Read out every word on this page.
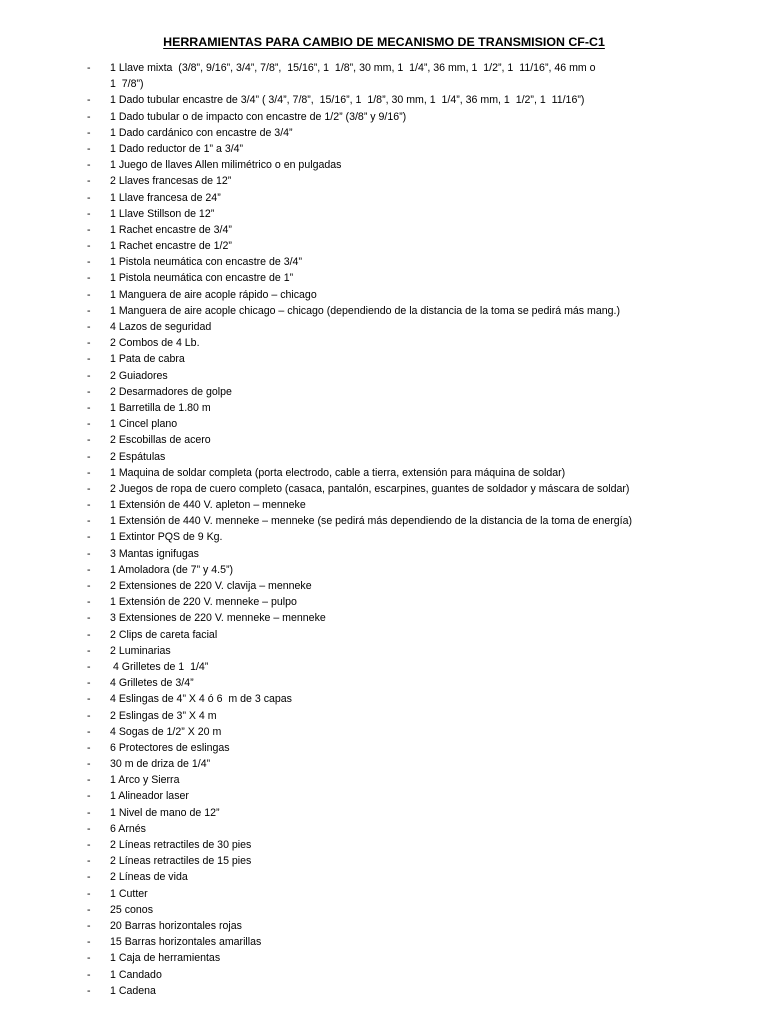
HERRAMIENTAS PARA CAMBIO DE MECANISMO DE TRANSMISION CF-C1
-	1 Llave mixta  (3/8”, 9/16”, 3/4”, 7/8”,  15/16”, 1  1/8”, 30 mm, 1  1/4”, 36 mm, 1  1/2”, 1  11/16”, 46 mm o
1  7/8”)
-	1 Dado tubular encastre de 3/4” ( 3/4”, 7/8”,  15/16”, 1  1/8”, 30 mm, 1  1/4”, 36 mm, 1  1/2”, 1  11/16”)
-	1 Dado tubular o de impacto con encastre de 1/2” (3/8” y 9/16”)
-	1 Dado cardánico con encastre de 3/4”
-	1 Dado reductor de 1” a 3/4”
-	1 Juego de llaves Allen milimétrico o en pulgadas
-	2 Llaves francesas de 12”
-	1 Llave francesa de 24”
-	1 Llave Stillson de 12”
-	1 Rachet encastre de 3/4”
-	1 Rachet encastre de 1/2”
-	1 Pistola neumática con encastre de 3/4”
-	1 Pistola neumática con encastre de 1”
-	1 Manguera de aire acople rápido – chicago
-	1 Manguera de aire acople chicago – chicago (dependiendo de la distancia de la toma se pedirá más mang.)
-	4 Lazos de seguridad
-	2 Combos de 4 Lb.
-	1 Pata de cabra
-	2 Guiadores
-	2 Desarmadores de golpe
-	1 Barretilla de 1.80 m
-	1 Cincel plano
-	2 Escobillas de acero
-	2 Espátulas
-	1 Maquina de soldar completa (porta electrodo, cable a tierra, extensión para máquina de soldar)
-	2 Juegos de ropa de cuero completo (casaca, pantalón, escarpines, guantes de soldador y máscara de soldar)
-	1 Extensión de 440 V. apleton – menneke
-	1 Extensión de 440 V. menneke – menneke (se pedirá más dependiendo de la distancia de la toma de energía)
-	1 Extintor PQS de 9 Kg.
-	3 Mantas ignifugas
-	1 Amoladora (de 7” y 4.5”)
-	2 Extensiones de 220 V. clavija – menneke
-	1 Extensión de 220 V. menneke – pulpo
-	3 Extensiones de 220 V. menneke – menneke
-	2 Clips de careta facial
-	2 Luminarias
-	4 Grilletes de 1  1/4”
-	4 Grilletes de 3/4”
-	4 Eslingas de 4” X 4 ó 6  m de 3 capas
-	2 Eslingas de 3” X 4 m
-	4 Sogas de 1/2” X 20 m
-	6 Protectores de eslingas
-	30 m de driza de 1/4”
-	1 Arco y Sierra
-	1 Alineador laser
-	1 Nivel de mano de 12”
-	6 Arnés
-	2 Líneas retractiles de 30 pies
-	2 Líneas retractiles de 15 pies
-	2 Líneas de vida
-	1 Cutter
-	25 conos
-	20 Barras horizontales rojas
-	15 Barras horizontales amarillas
-	1 Caja de herramientas
-	1 Candado
-	1 Cadena
